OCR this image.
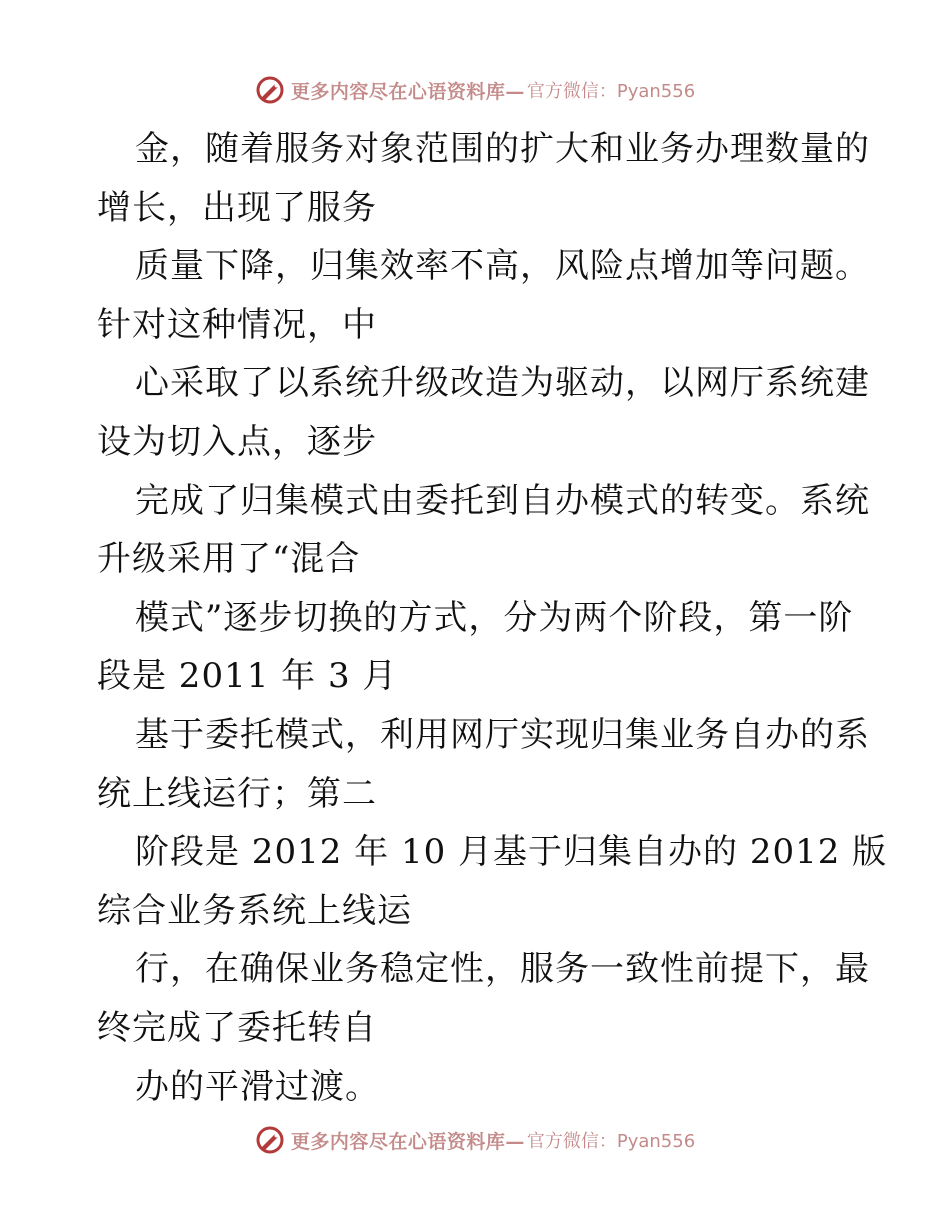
更多内容尽在心语资料库— 官方微信：Pyan556
金，随着服务对象范围的扩大和业务办理数量的
增长，出现了服务
质量下降，归集效率不高，风险点增加等问题。
针对这种情况，中
心采取了以系统升级改造为驱动，以网厅系统建
设为切入点，逐步
完成了归集模式由委托到自办模式的转变。系统
升级采用了“混合
模式”逐步切换的方式，分为两个阶段，第一阶
段是 2011 年 3 月
基于委托模式，利用网厅实现归集业务自办的系
统上线运行；第二
阶段是 2012 年 10 月基于归集自办的 2012 版
综合业务系统上线运
行，在确保业务稳定性，服务一致性前提下，最
终完成了委托转自
办的平滑过渡。
更多内容尽在心语资料库— 官方微信：Pyan556
